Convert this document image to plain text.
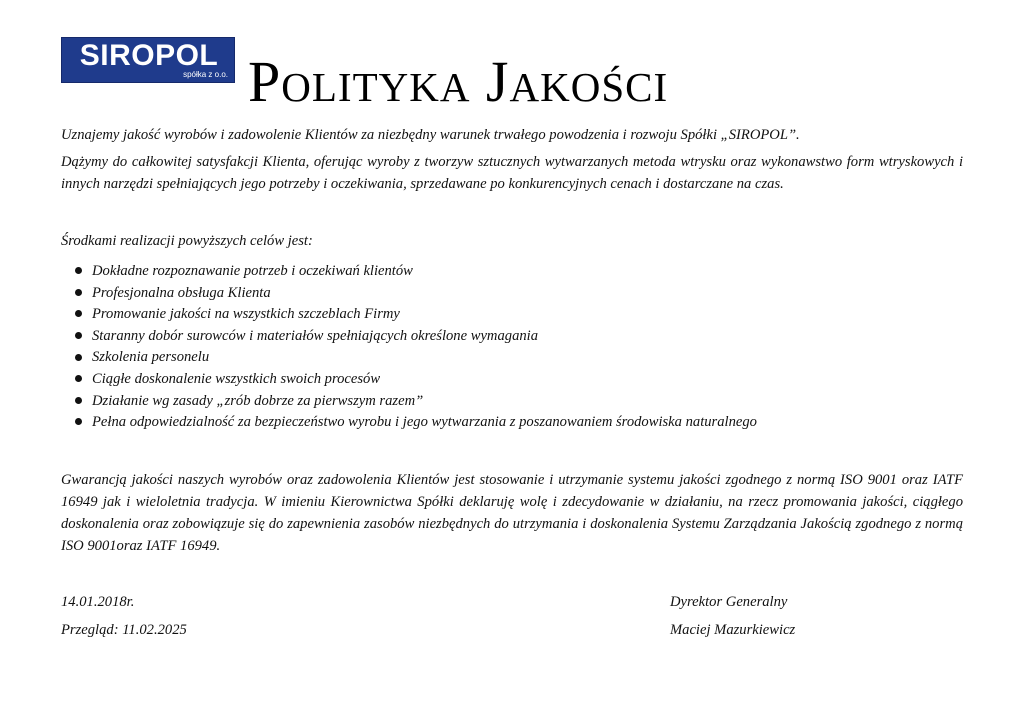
SIROPOL
spółka z o.o. Polityka Jakości

Uznajemy jakość wyrobów i zadowolenie Klientów za niezbędny warunek trwałego powodzenia i rozwoju Spółki „SIROPOL”.

Dążymy do całkowitej satysfakcji Klienta, oferując wyroby z tworzyw sztucznych wytwarzanych metoda wtrysku oraz wykonawstwo form wtryskowych i innych narzędzi spełniających jego potrzeby i oczekiwania, sprzedawane po konkurencyjnych cenach i dostarczane na czas.

Środkami realizacji powyższych celów jest:

Dokładne rozpoznawanie potrzeb i oczekiwań klientów
Profesjonalna obsługa Klienta
Promowanie jakości na wszystkich szczeblach Firmy
Staranny dobór surowców i materiałów spełniających określone wymagania
Szkolenia personelu
Ciągłe doskonalenie wszystkich swoich procesów
Działanie wg zasady „zrób dobrze za pierwszym razem”
Pełna odpowiedzialność za bezpieczeństwo wyrobu i jego wytwarzania z poszanowaniem środowiska naturalnego

Gwarancją jakości naszych wyrobów oraz zadowolenia Klientów jest stosowanie i utrzymanie systemu jakości zgodnego z normą ISO 9001 oraz IATF 16949 jak i wieloletnia tradycja. W imieniu Kierownictwa Spółki deklaruję wolę i zdecydowanie w działaniu, na rzecz promowania jakości, ciągłego doskonalenia oraz zobowiązuje się do zapewnienia zasobów niezbędnych do utrzymania i doskonalenia Systemu Zarządzania Jakością zgodnego z normą ISO 9001oraz IATF 16949.

14.01.2018r.

Przegląd: 11.02.2025

Dyrektor Generalny

Maciej Mazurkiewicz
